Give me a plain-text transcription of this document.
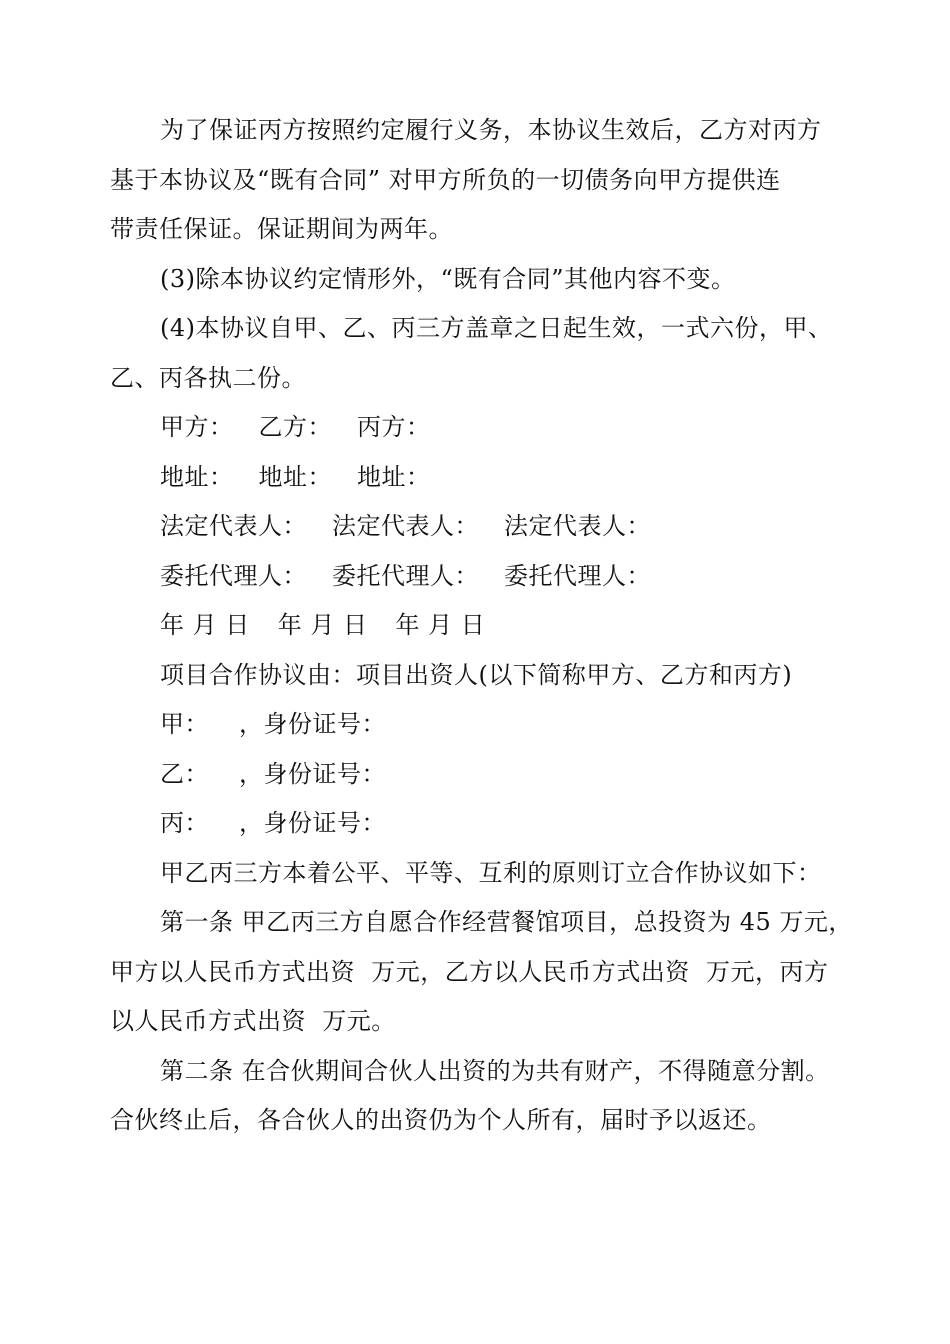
为了保证丙方按照约定履行义务，本协议生效后，乙方对丙方
基于本协议及“既有合同” 对甲方所负的一切债务向甲方提供连
带责任保证。保证期间为两年。
(3)除本协议约定情形外，“既有合同”其他内容不变。
(4)本协议自甲、乙、丙三方盖章之日起生效，一式六份，甲、
乙、丙各执二份。
甲方： 乙方： 丙方：
地址： 地址： 地址：
法定代表人： 法定代表人： 法定代表人：
委托代理人： 委托代理人： 委托代理人：
年 月 日 年 月 日 年 月 日
项目合作协议由：项目出资人(以下简称甲方、乙方和丙方)
甲： ，身份证号：
乙： ，身份证号：
丙： ，身份证号：
甲乙丙三方本着公平、平等、互利的原则订立合作协议如下：
第一条 甲乙丙三方自愿合作经营餐馆项目，总投资为 45 万元，
甲方以人民币方式出资  万元，乙方以人民币方式出资  万元，丙方
以人民币方式出资  万元。
第二条 在合伙期间合伙人出资的为共有财产，不得随意分割。
合伙终止后，各合伙人的出资仍为个人所有，届时予以返还。
